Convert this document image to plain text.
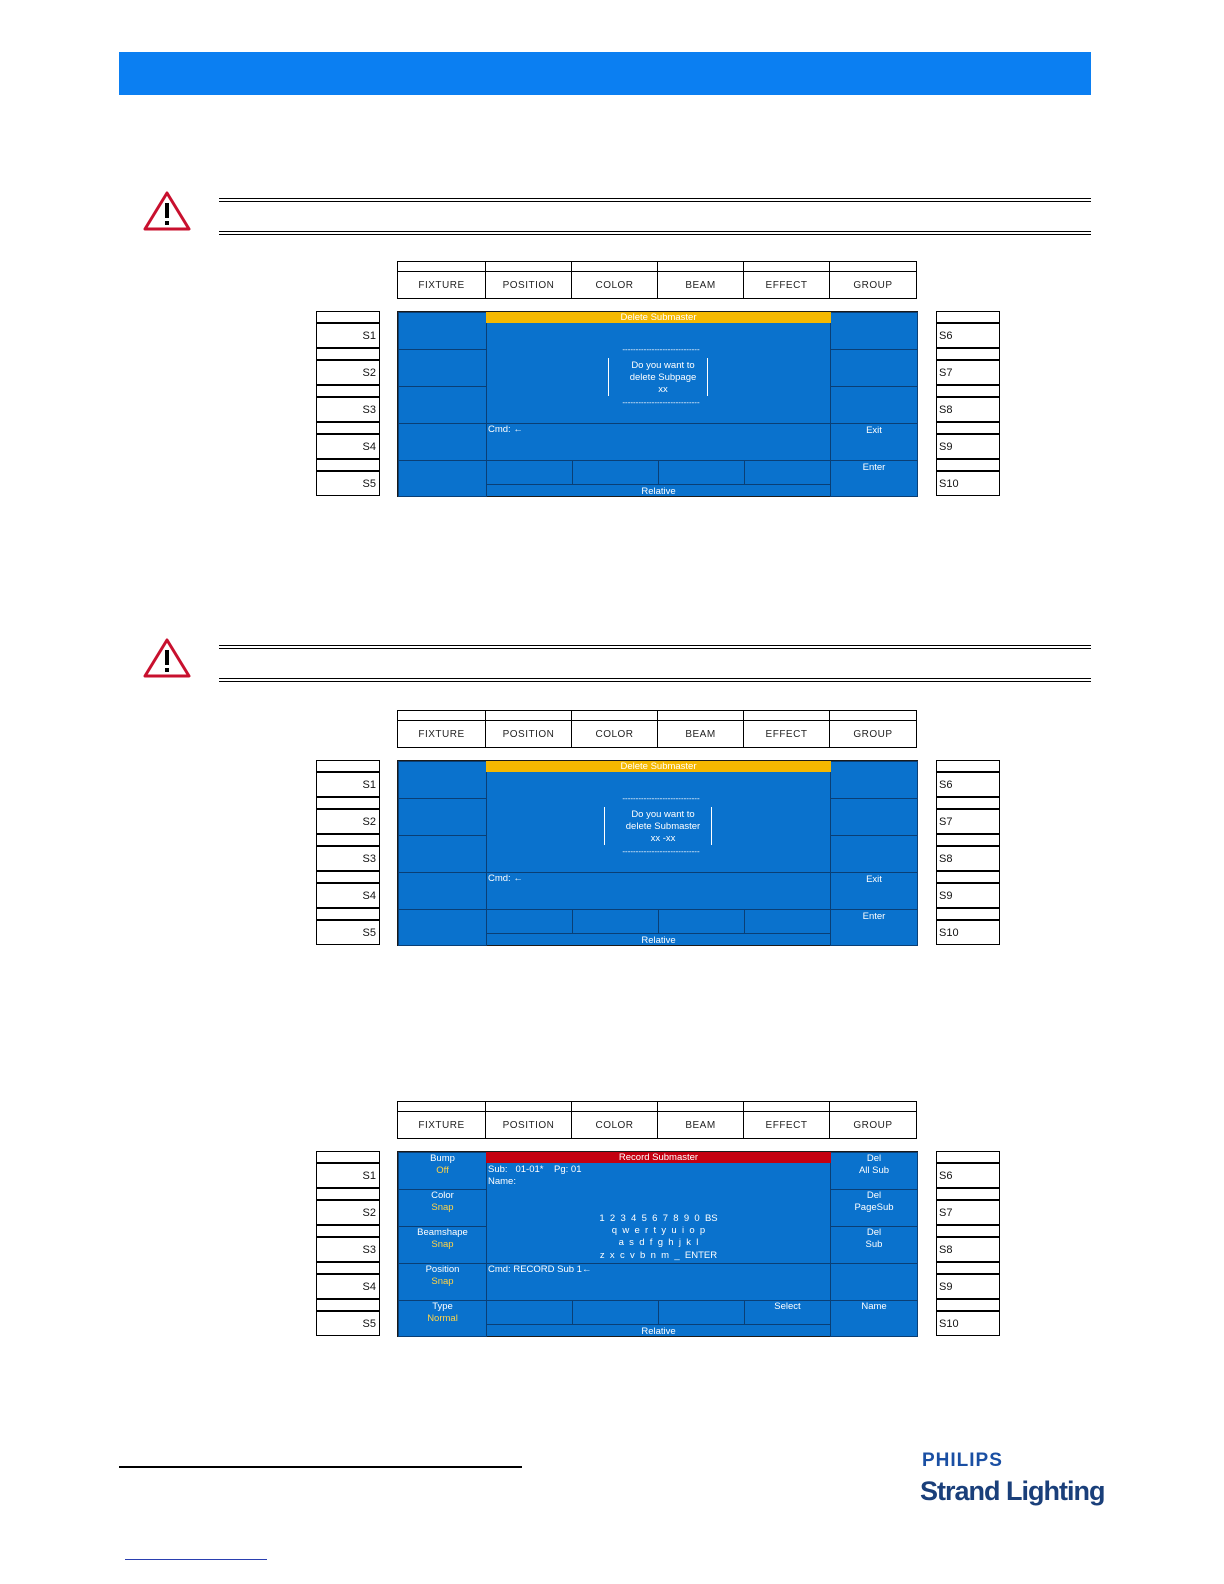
FIXTURE	POSITION	COLOR	BEAM	EFFECT	GROUP
S1
S2
S3
S4
S5
S6
S7
S8
S9
S10
Exit
Enter
Delete Submaster
-----------------------------
Do you want to
delete Subpage
xx
-----------------------------
Cmd: ←
Relative
FIXTURE	POSITION	COLOR	BEAM	EFFECT	GROUP
S1
S2
S3
S4
S5
S6
S7
S8
S9
S10
Exit
Enter
Delete Submaster
-----------------------------
Do you want to
delete Submaster
xx -xx
-----------------------------
Cmd: ←
Relative
FIXTURE	POSITION	COLOR	BEAM	EFFECT	GROUP
S1
S2
S3
S4
S5
S6
S7
S8
S9
S10
Bump
Off
Color
Snap
Beamshape
Snap
Position
Snap
Type
Normal
Del
All Sub
Del
PageSub
Del
Sub
Name
Record Submaster
Sub:   01-01*    Pg: 01
Name:
1  2  3  4  5  6  7  8  9  0  BS
q  w  e  r  t  y  u  i  o  p
a  s  d  f  g  h  j  k  l
z  x  c  v  b  n  m  _  ENTER
Cmd: RECORD Sub 1←
Select
Relative
PHILIPS
Strand Lighting
